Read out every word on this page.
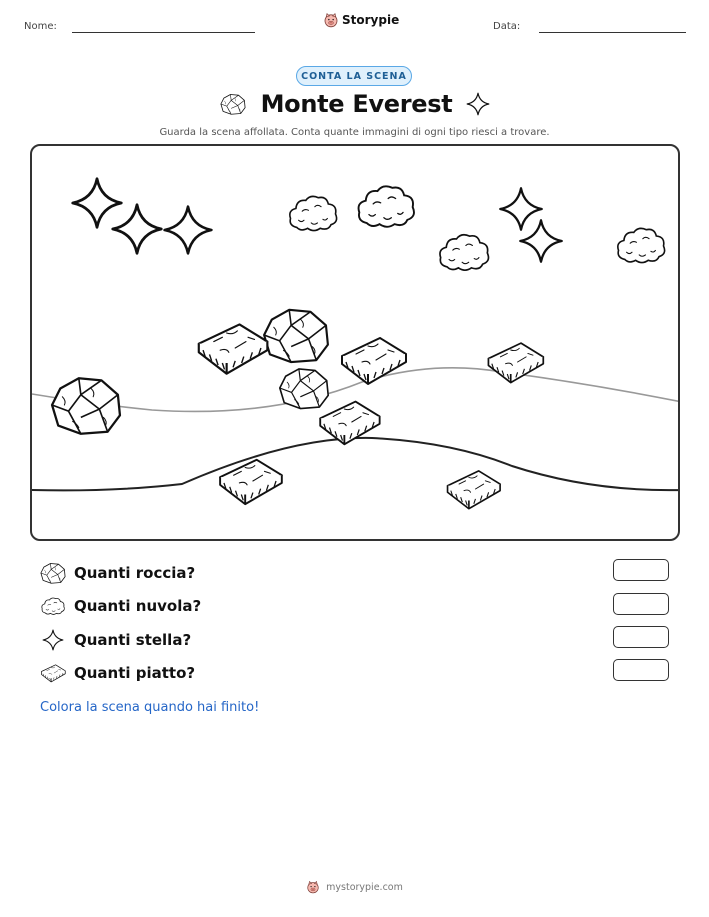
Nome:	Storypie	Data:
CONTA LA SCENA
Monte Everest
Guarda la scena affollata. Conta quante immagini di ogni tipo riesci a trovare.
Quanti roccia?
Quanti nuvola?
Quanti stella?
Quanti piatto?
Colora la scena quando hai finito!
mystorypie.com
